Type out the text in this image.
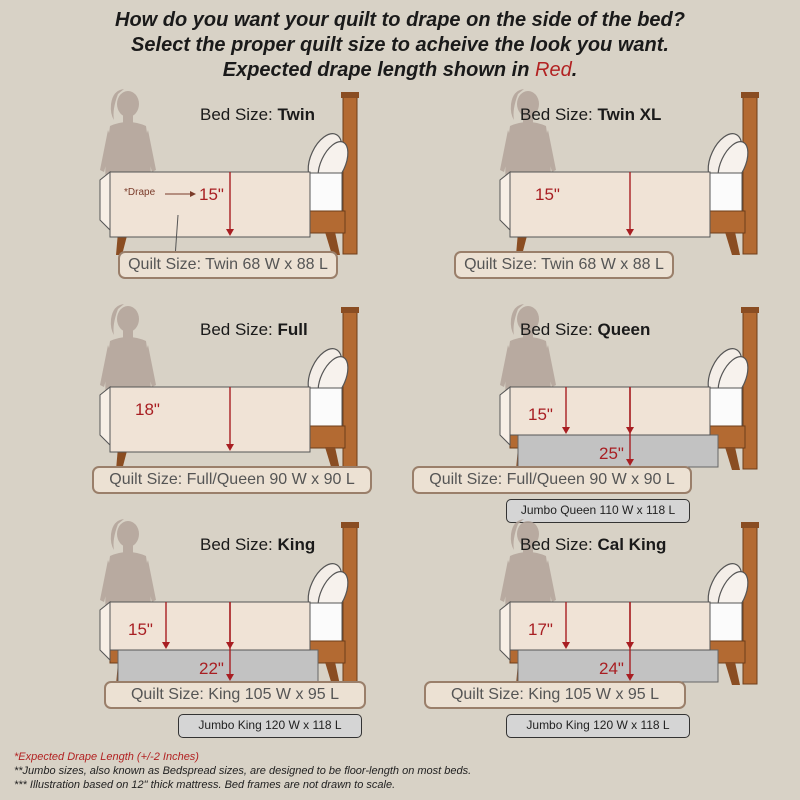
How do you want your quilt to drape on the side of the bed?
Select the proper quilt size to acheive the look you want.
Expected drape length shown in Red.
Bed Size: Twin
*Drape	15"
Quilt Size: Twin 68 W x 88 L
Bed Size: Twin XL
15"
Quilt Size: Twin 68 W x 88 L
Bed Size: Full
18"
Quilt Size: Full/Queen 90 W x 90 L
Bed Size: Queen
15"
25"
Quilt Size: Full/Queen 90 W x 90 L
Jumbo Queen 110 W x 118 L
Bed Size: King
15"
22"
Quilt Size: King 105 W x 95 L
Jumbo King 120 W x 118 L
Bed Size: Cal King
17"
24"
Quilt Size: King 105 W x 95 L
Jumbo King 120 W x 118 L
*Expected Drape Length (+/-2 Inches)
**Jumbo sizes, also known as Bedspread sizes, are designed to be floor-length on most beds.
*** Illustration based on 12" thick mattress. Bed frames are not drawn to scale.
